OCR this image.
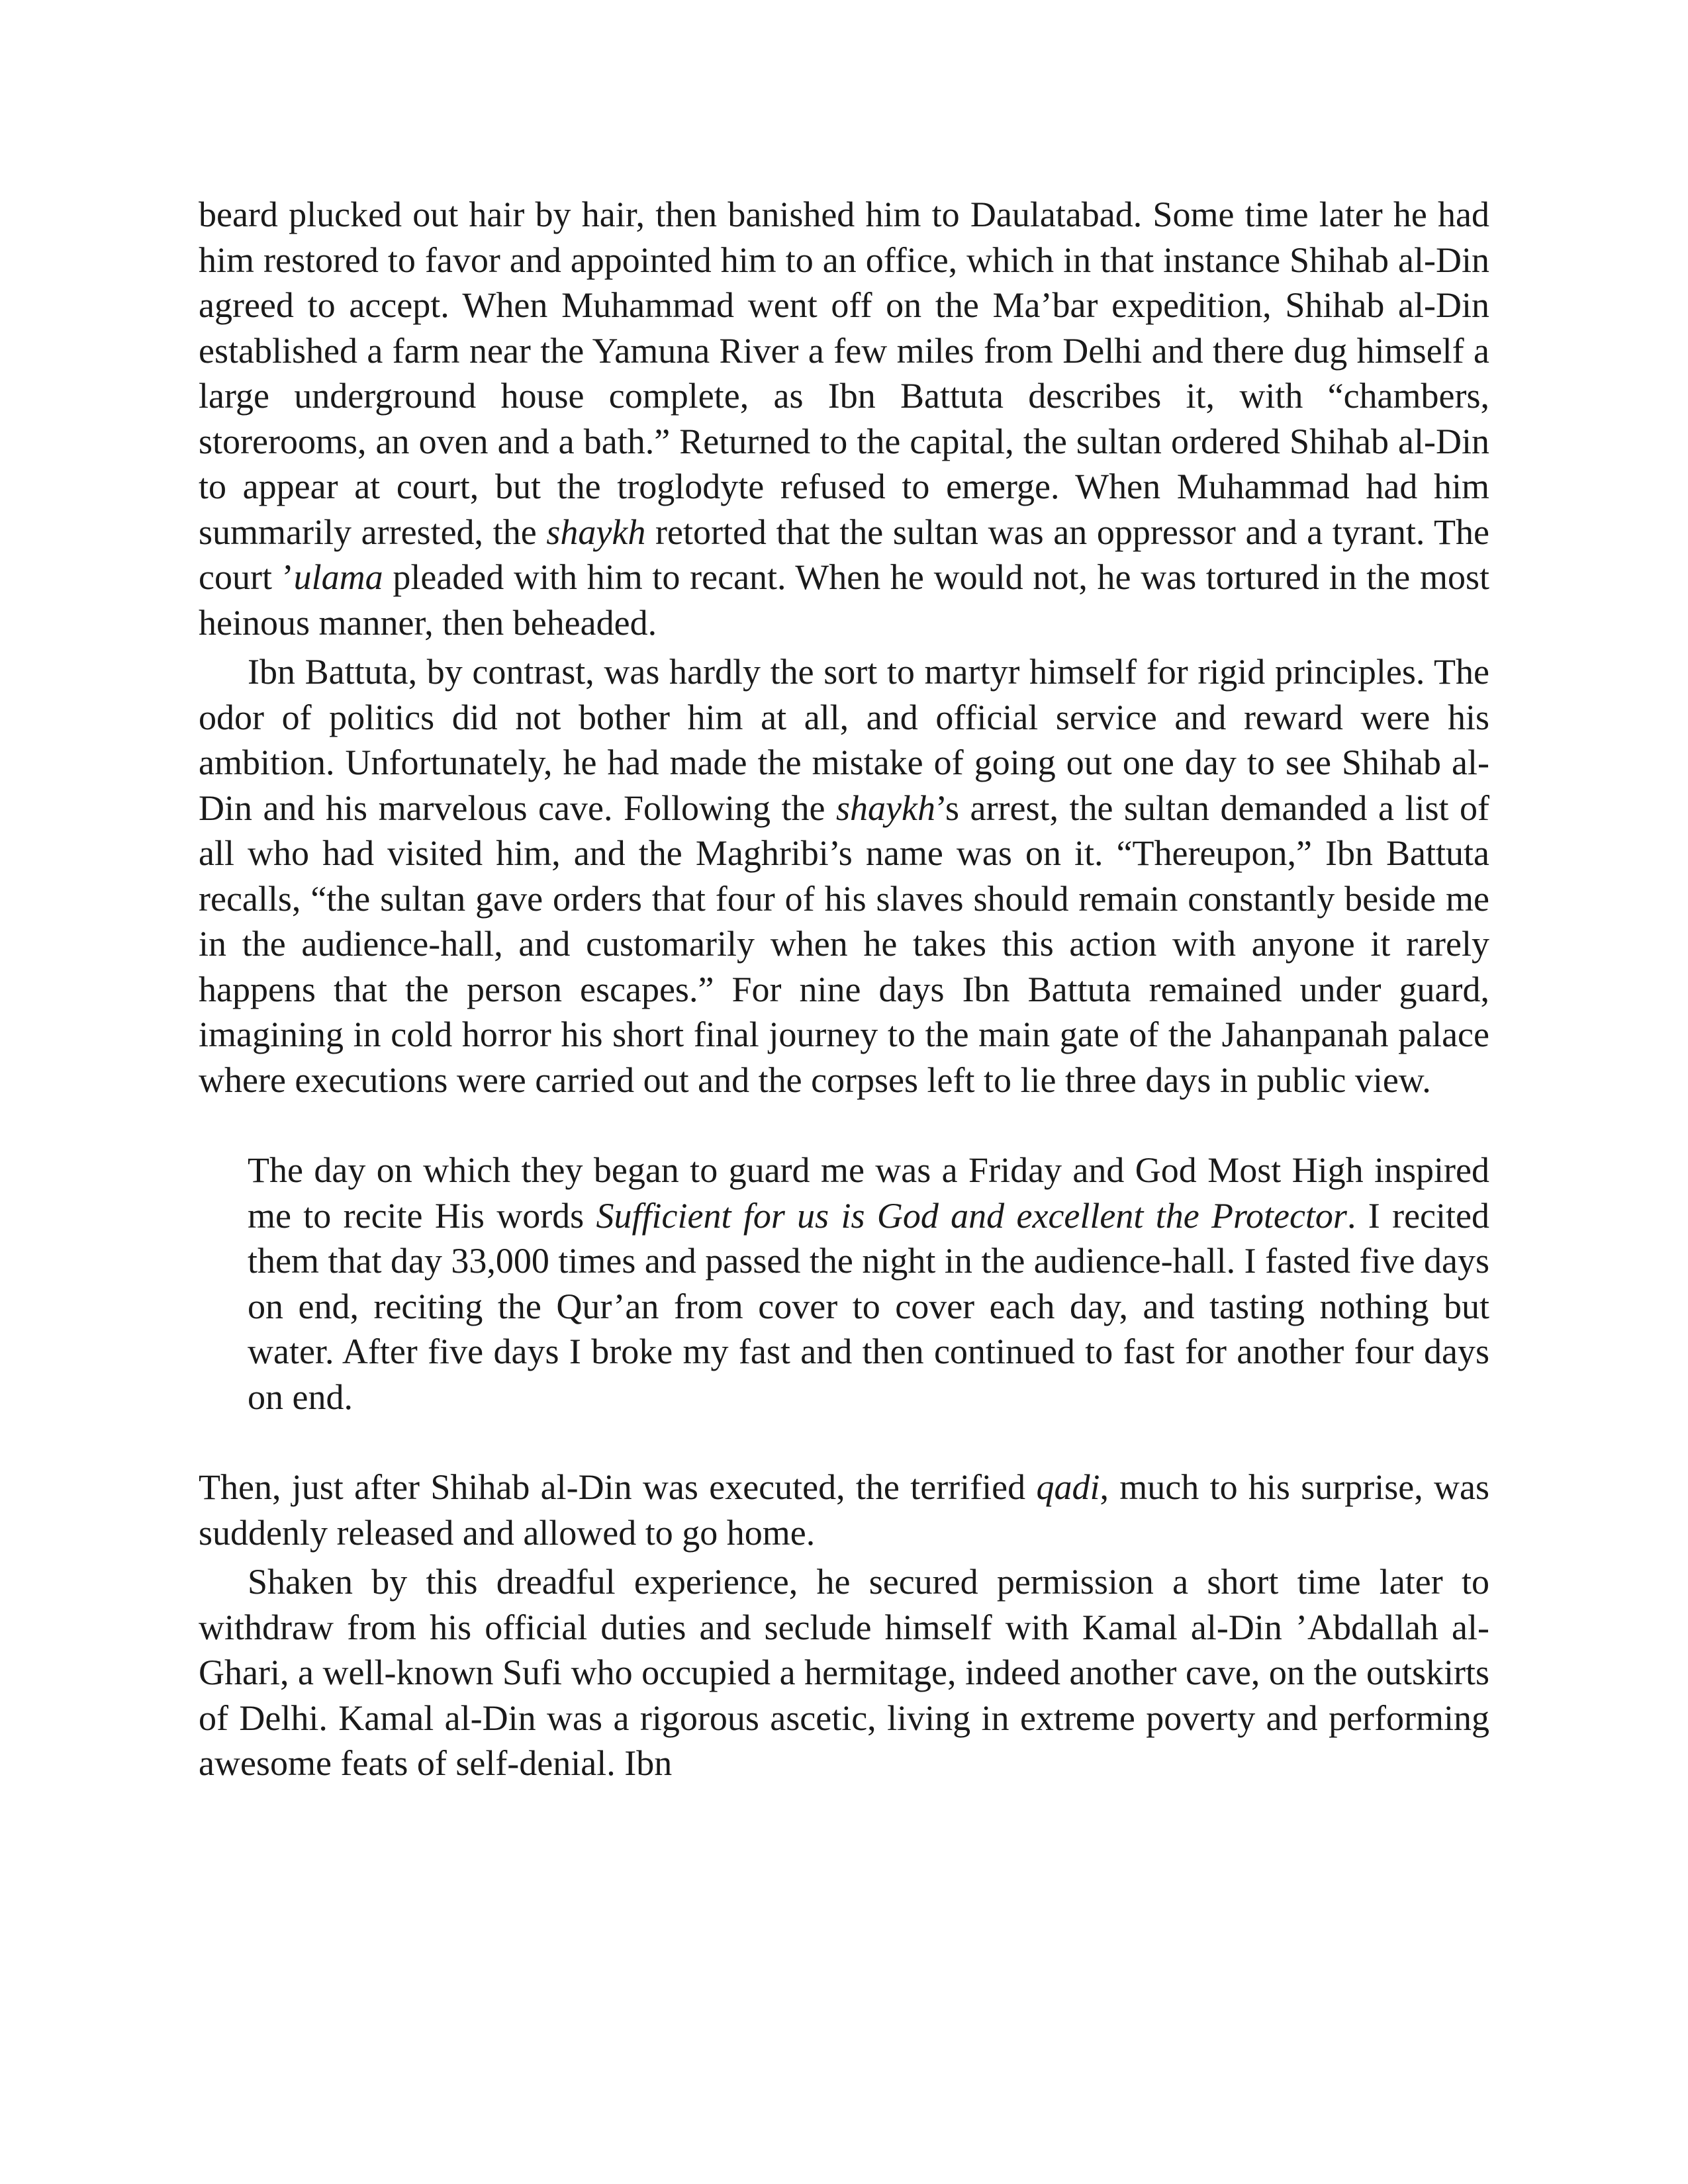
beard plucked out hair by hair, then banished him to Daulatabad. Some time later he had him restored to favor and appointed him to an office, which in that instance Shihab al-Din agreed to accept. When Muhammad went off on the Ma’bar expedition, Shihab al-Din established a farm near the Yamuna River a few miles from Delhi and there dug himself a large underground house complete, as Ibn Battuta describes it, with “chambers, storerooms, an oven and a bath.” Returned to the capital, the sultan ordered Shihab al-Din to appear at court, but the troglodyte refused to emerge. When Muhammad had him summarily arrested, the shaykh retorted that the sultan was an oppressor and a tyrant. The court ’ulama pleaded with him to recant. When he would not, he was tortured in the most heinous manner, then beheaded.

Ibn Battuta, by contrast, was hardly the sort to martyr himself for rigid principles. The odor of politics did not bother him at all, and official service and reward were his ambition. Unfortunately, he had made the mistake of going out one day to see Shihab al-Din and his marvelous cave. Following the shaykh’s arrest, the sultan demanded a list of all who had visited him, and the Maghribi’s name was on it. “Thereupon,” Ibn Battuta recalls, “the sultan gave orders that four of his slaves should remain constantly beside me in the audience-hall, and customarily when he takes this action with anyone it rarely happens that the person escapes.” For nine days Ibn Battuta remained under guard, imagining in cold horror his short final journey to the main gate of the Jahanpanah palace where executions were carried out and the corpses left to lie three days in public view.

The day on which they began to guard me was a Friday and God Most High inspired me to recite His words Sufficient for us is God and excellent the Protector. I recited them that day 33,000 times and passed the night in the audience-hall. I fasted five days on end, reciting the Qur’an from cover to cover each day, and tasting nothing but water. After five days I broke my fast and then continued to fast for another four days on end.

Then, just after Shihab al-Din was executed, the terrified qadi, much to his surprise, was suddenly released and allowed to go home.

Shaken by this dreadful experience, he secured permission a short time later to withdraw from his official duties and seclude himself with Kamal al-Din ’Abdallah al-Ghari, a well-known Sufi who occupied a hermitage, indeed another cave, on the outskirts of Delhi. Kamal al-Din was a rigorous ascetic, living in extreme poverty and performing awesome feats of self-denial. Ibn
